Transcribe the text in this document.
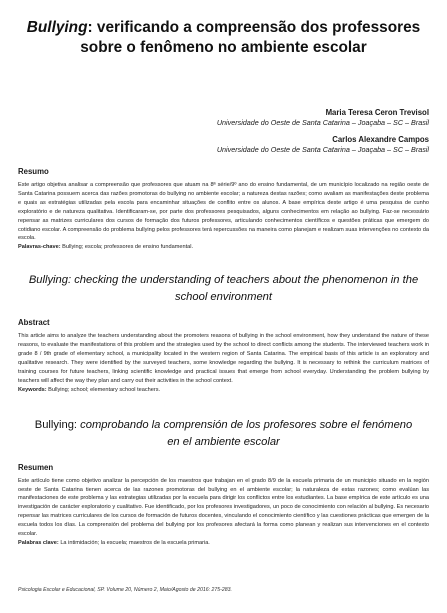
Bullying: verificando a compreensão dos professores
sobre o fenômeno no ambiente escolar
Maria Teresa Ceron Trevisol
Universidade do Oeste de Santa Catarina – Joaçaba – SC – Brasil
Carlos Alexandre Campos
Universidade do Oeste de Santa Catarina – Joaçaba – SC – Brasil
Resumo
Este artigo objetiva analisar a compreensão que professores que atuam na 8ª série/9º ano do ensino fundamental, de um município localizado na região oeste de Santa Catarina possuem acerca das razões promotoras do bullying no ambiente escolar; a natureza destas razões; como avaliam as manifestações deste problema e quais as estratégias utilizadas pela escola para encaminhar situações de conflito entre os alunos. A base empírica deste artigo é uma pesquisa de cunho exploratório e de natureza qualitativa. Identificaram-se, por parte dos professores pesquisados, alguns conhecimentos em relação ao bullying. Faz-se necessário repensar as matrizes curriculares dos cursos de formação dos futuros professores, articulando conhecimentos científicos e questões práticas que emergem do cotidiano escolar. A compreensão do problema bullying pelos professores terá repercussões na maneira como planejam e realizam suas intervenções no contexto da escola.
Palavras-chave: Bullying; escola; professores de ensino fundamental.
Bullying: checking the understanding of teachers about the phenomenon in the school environment
Abstract
This article aims to analyze the teachers understanding about the promoters reasons of bullying in the school environment, how they understand the nature of these reasons, to evaluate the manifestations of this problem and the strategies used by the school to direct conflicts among the students. The interviewed teachers work in grade 8 / 9th grade of elementary school, a municipality located in the western region of Santa Catarina. The empirical basis of this article is an exploratory and qualitative research. They were identified by the surveyed teachers, some knowledge regarding the bullying. It is necessary to rethink the curriculum matrices of training courses for future teachers, linking scientific knowledge and practical issues that emerge from school everyday. Understanding the problem bullying by teachers will affect the way they plan and carry out their activities in the school context.
Keywords: Bullying; school; elementary school teachers.
Bullying: comprobando la comprensión de los profesores sobre el fenómeno
en el ambiente escolar
Resumen
Este artículo tiene como objetivo analizar la percepción de los maestros que trabajan en el grado 8/9 de la escuela primaria de un municipio situado en la región oeste de Santa Catarina tienen acerca de las razones promotoras del bullying en el ambiente escolar; la naturaleza de estas razones; como evalúan las manifestaciones de este problema y las estrategias utilizadas por la escuela para dirigir los conflictos entre los estudiantes. La base empírica de este artículo es una investigación de carácter exploratorio y cualitativo. Fue identificado, por los profesores investigadores, un poco de conocimiento con relación al bullying. Es necesario repensar las matrices curriculares de los cursos de formación de futuros docentes, vinculando el conocimiento científico y las cuestiones prácticas que emergen de la escuela todos los días. La comprensión del problema del bullying por los profesores afectará la forma como planean y realizan sus intervenciones en el contexto escolar.
Palabras clave: La intimidación; la escuela; maestros de la escuela primaria.
Psicologia Escolar e Educacional, SP. Volume 20, Número 2, Maio/Agosto de 2016: 275-283.
